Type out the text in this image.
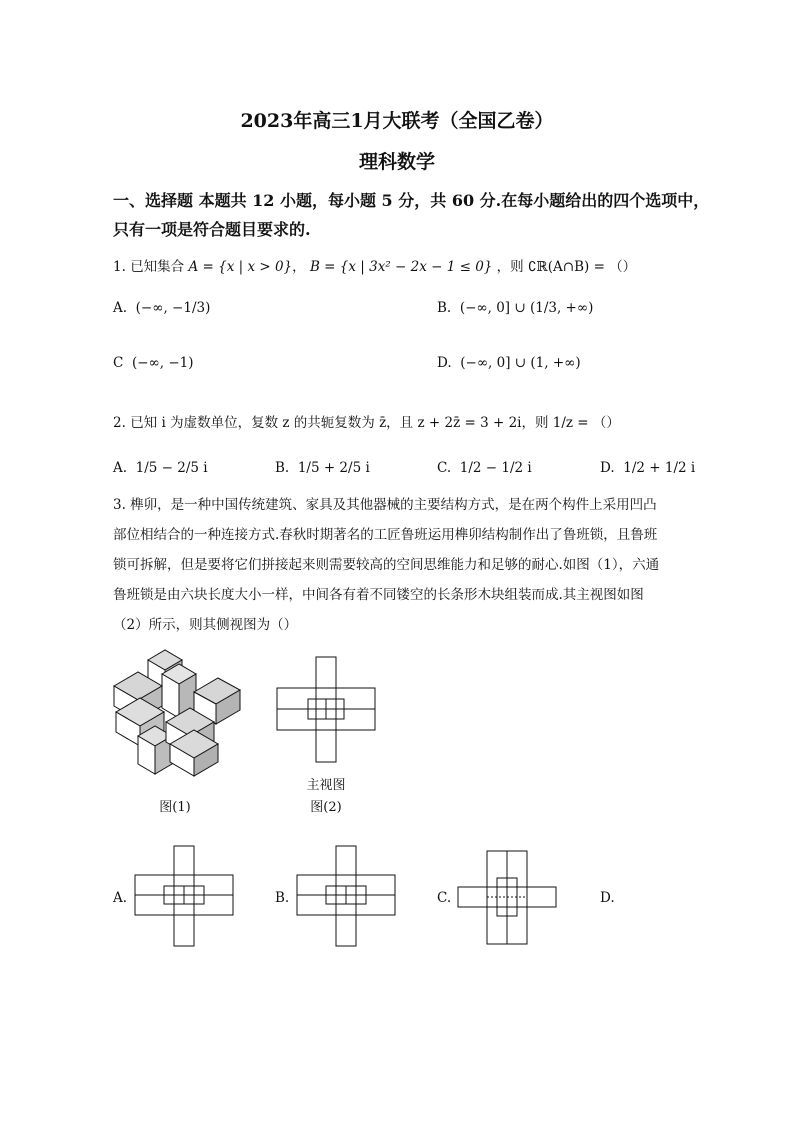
2023年高三1月大联考（全国乙卷）
理科数学
一、选择题 本题共 12 小题，每小题 5 分，共 60 分.在每小题给出的四个选项中，
只有一项是符合题目要求的.
1. 已知集合 A = {x | x > 0}， B = {x | 3x² − 2x − 1 ≤ 0} ，则 ∁ℝ(A∩B) = （）
A. (−∞, −1/3)	B. (−∞, 0] ∪ (1/3, +∞)
C (−∞, −1)	D. (−∞, 0] ∪ (1, +∞)
2. 已知 i 为虚数单位，复数 z 的共轭复数为 z̄，且 z + 2z̄ = 3 + 2i，则 1/z = （）
A. 1/5 − 2/5 i	B. 1/5 + 2/5 i	C. 1/2 − 1/2 i	D. 1/2 + 1/2 i
3. 榫卯，是一种中国传统建筑、家具及其他器械的主要结构方式，是在两个构件上采用凹凸
部位相结合的一种连接方式.春秋时期著名的工匠鲁班运用榫卯结构制作出了鲁班锁，且鲁班
锁可拆解，但是要将它们拼接起来则需要较高的空间思维能力和足够的耐心.如图（1），六通
鲁班锁是由六块长度大小一样，中间各有着不同镂空的长条形木块组装而成.其主视图如图
（2）所示，则其侧视图为（）
图(1)
主视图
图(2)
A.	B.	C.	D.
